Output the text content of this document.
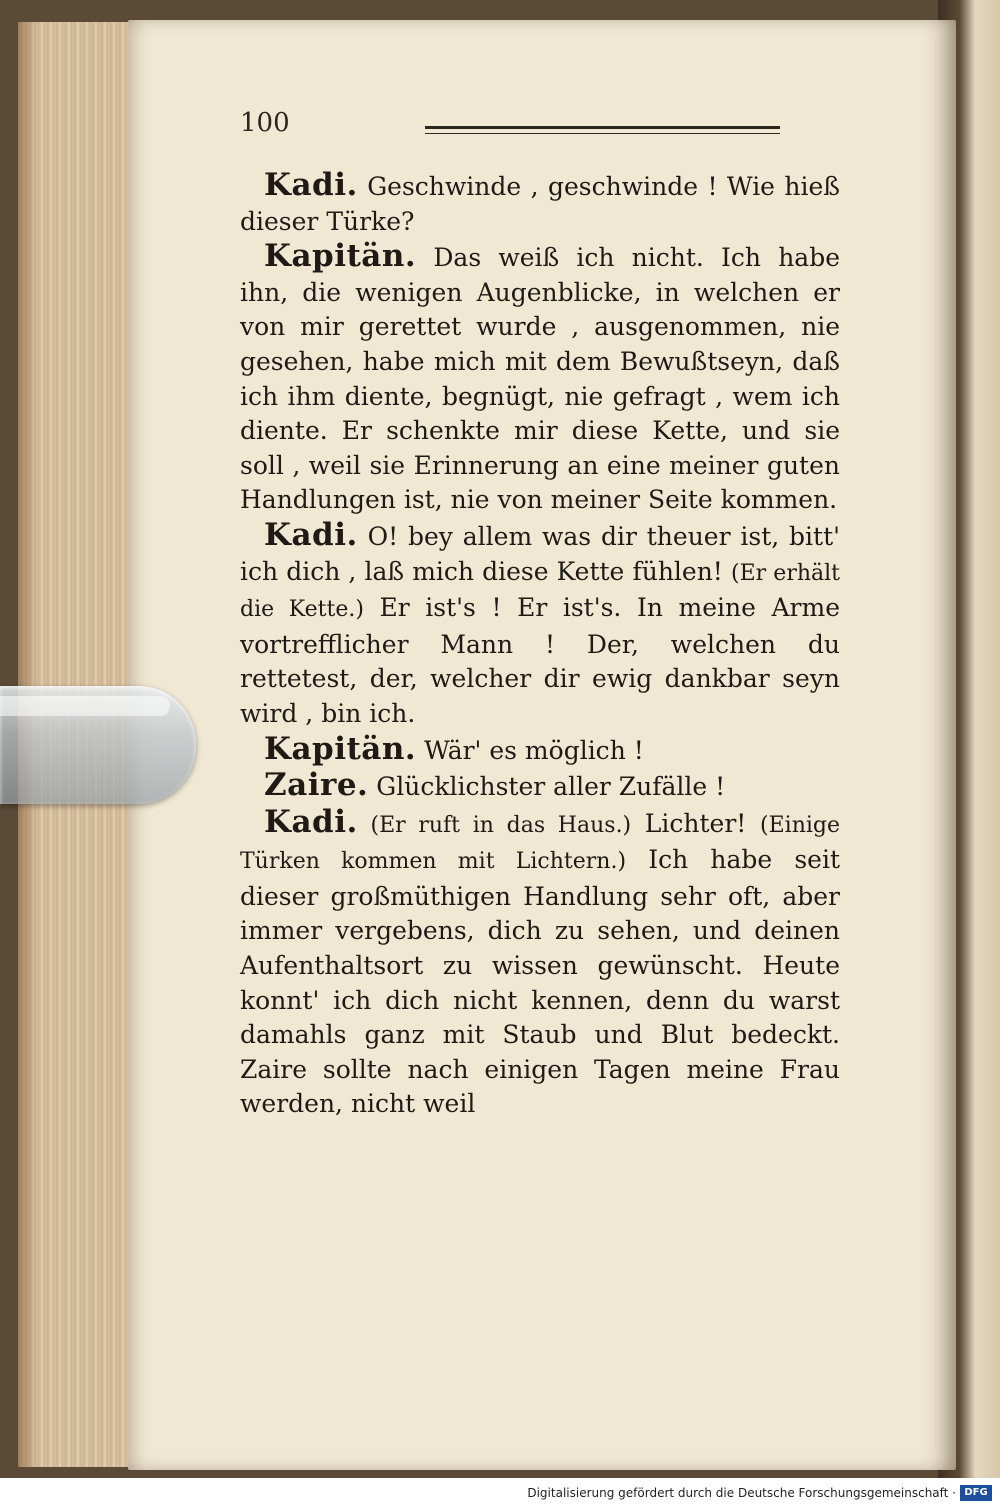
100

Kadi. Geschwinde , geschwinde ! Wie hieß dieser Türke?

Kapitän. Das weiß ich nicht. Ich habe ihn, die wenigen Augenblicke, in welchen er von mir gerettet wurde , ausgenommen, nie gesehen, habe mich mit dem Bewußtseyn, daß ich ihm diente, begnügt, nie gefragt , wem ich diente. Er schenkte mir diese Kette, und sie soll , weil sie Erinnerung an eine meiner guten Handlungen ist, nie von meiner Seite kommen.

Kadi. O! bey allem was dir theuer ist, bitt' ich dich , laß mich diese Kette fühlen! (Er erhält die Kette.) Er ist's ! Er ist's. In meine Arme vortrefflicher Mann ! Der, welchen du rettetest, der, welcher dir ewig dankbar seyn wird , bin ich.

Kapitän. Wär' es möglich !

Zaire. Glücklichster aller Zufälle !

Kadi. (Er ruft in das Haus.) Lichter! (Einige Türken kommen mit Lichtern.) Ich habe seit dieser großmüthigen Handlung sehr oft, aber immer vergebens, dich zu sehen, und deinen Aufenthaltsort zu wissen gewünscht. Heute konnt' ich dich nicht kennen, denn du warst damahls ganz mit Staub und Blut bedeckt. Zaire sollte nach einigen Tagen meine Frau werden, nicht weil

Digitalisierung gefördert durch die Deutsche Forschungsgemeinschaft · DFG
